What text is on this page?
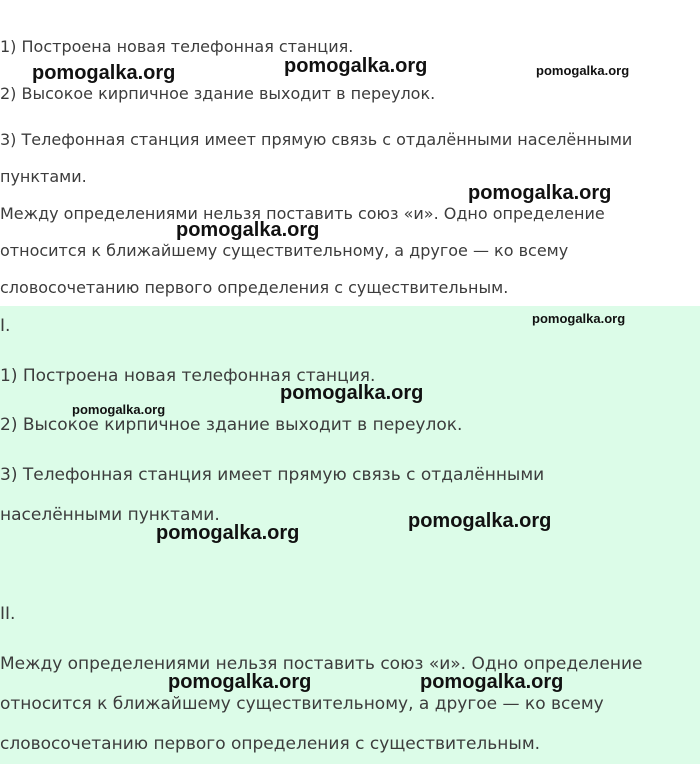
1) Построена новая телефонная станция.
2) Высокое кирпичное здание выходит в переулок.
3) Телефонная станция имеет прямую связь с отдалёнными населёнными
пунктами.
Между определениями нельзя поставить союз «и». Одно определение
относится к ближайшему существительному, а другое — ко всему
словосочетанию первого определения с существительным.
I.
1) Построена новая телефонная станция.
2) Высокое кирпичное здание выходит в переулок.
3) Телефонная станция имеет прямую связь с отдалёнными
населёнными пунктами.
II.
Между определениями нельзя поставить союз «и». Одно определение
относится к ближайшему существительному, а другое — ко всему
словосочетанию первого определения с существительным.
pomogalka.org	pomogalka.org	pomogalka.org
pomogalka.org
pomogalka.org
pomogalka.org
pomogalka.org
pomogalka.org
pomogalka.org
pomogalka.org
pomogalka.org	pomogalka.org
